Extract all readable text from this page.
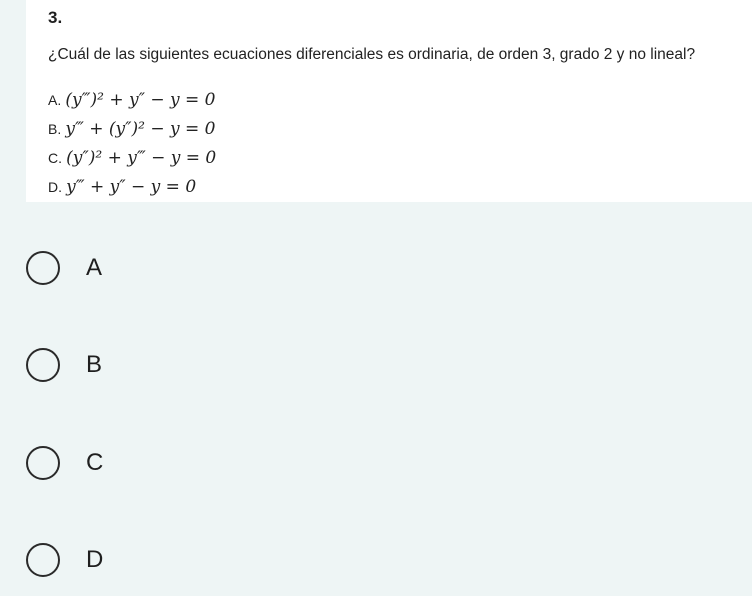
3.
¿Cuál de las siguientes ecuaciones diferenciales es ordinaria, de orden 3, grado 2 y no lineal?
A. (y‴)² + y″ − y = 0
B. y‴ + (y″)² − y = 0
C. (y″)² + y‴ − y = 0
D. y‴ + y″ − y = 0
A
B
C
D
